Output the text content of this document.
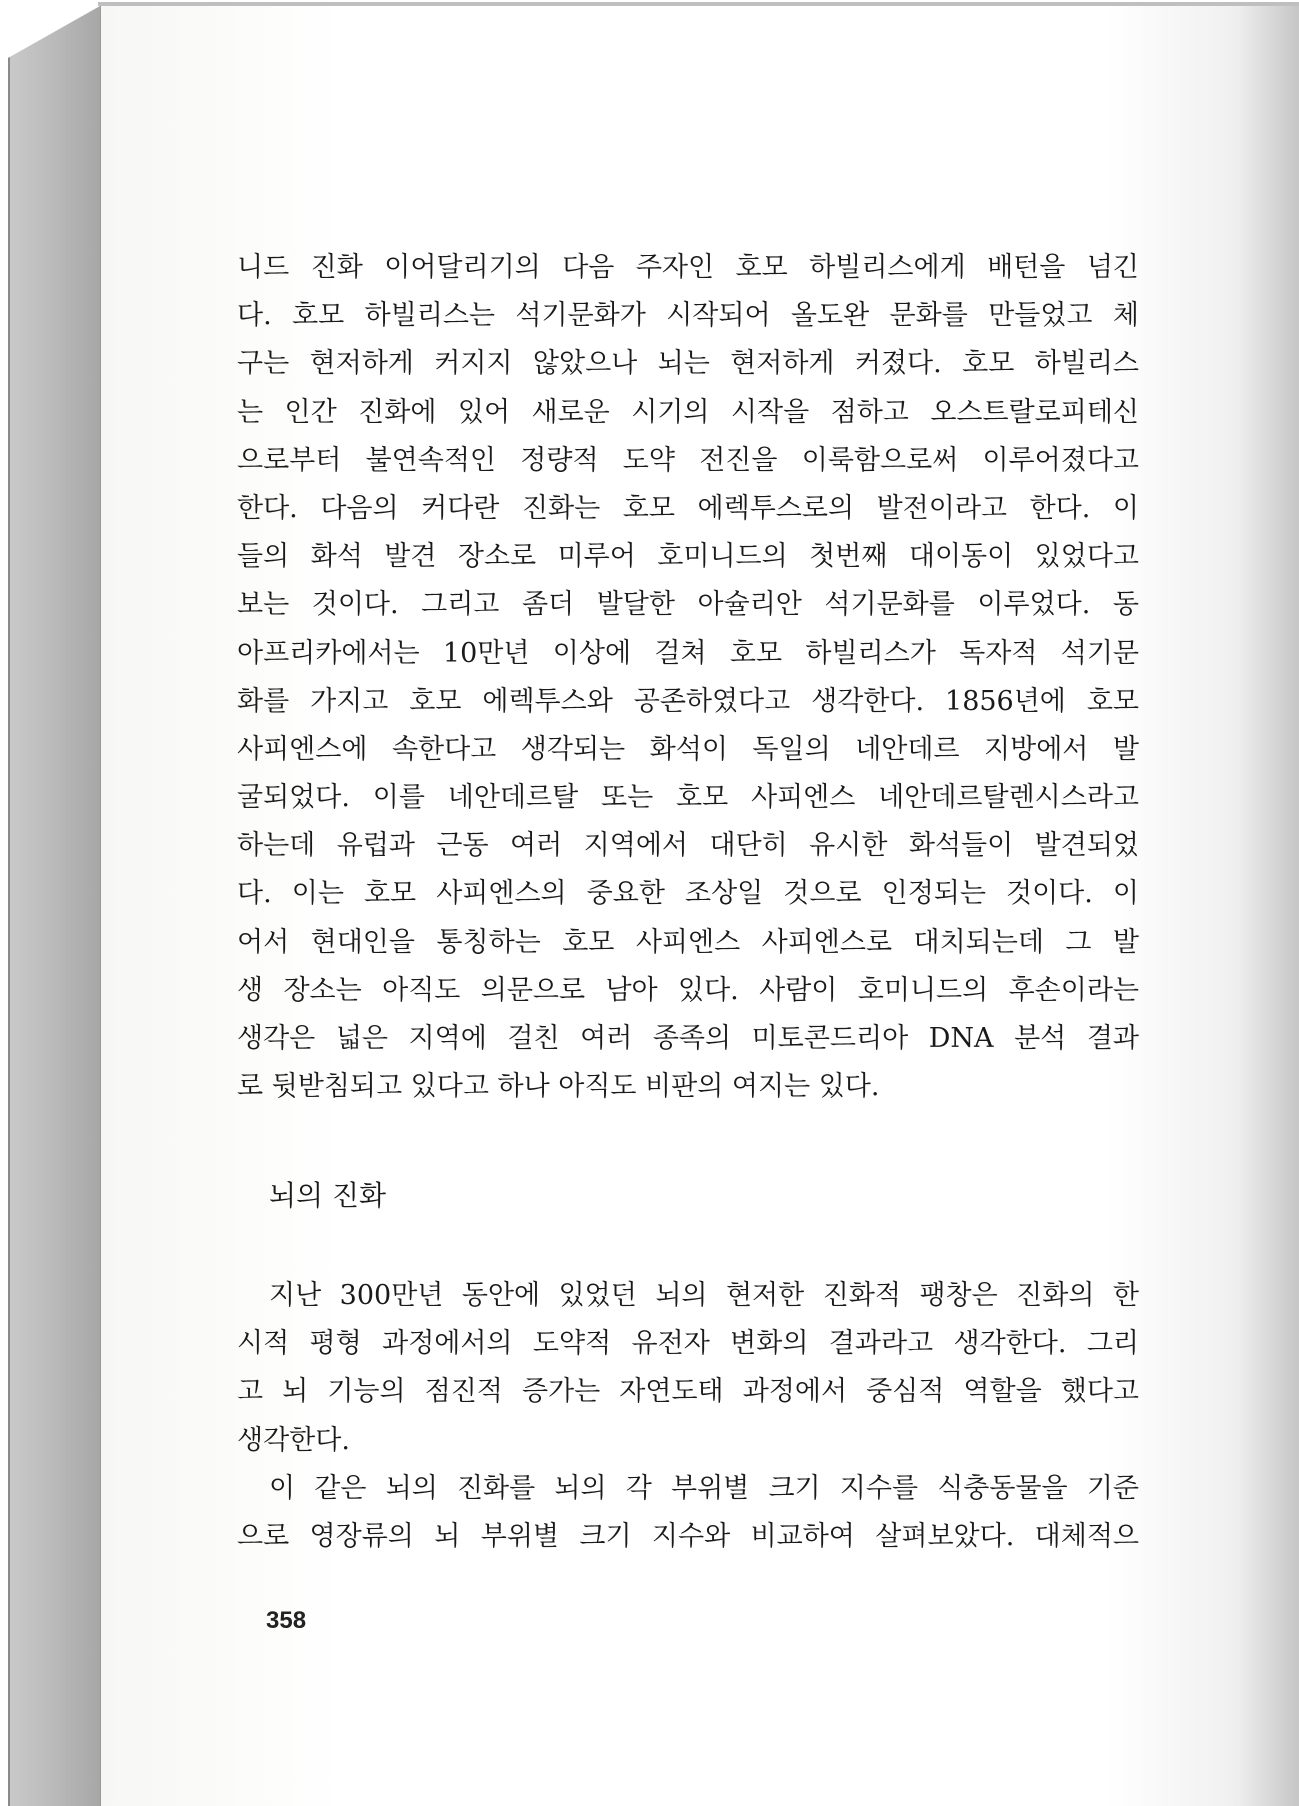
니드 진화 이어달리기의 다음 주자인 호모 하빌리스에게 배턴을 넘긴
다. 호모 하빌리스는 석기문화가 시작되어 올도완 문화를 만들었고 체
구는 현저하게 커지지 않았으나 뇌는 현저하게 커졌다. 호모 하빌리스
는 인간 진화에 있어 새로운 시기의 시작을 점하고 오스트랄로피테신
으로부터 불연속적인 정량적 도약 전진을 이룩함으로써 이루어졌다고
한다. 다음의 커다란 진화는 호모 에렉투스로의 발전이라고 한다. 이
들의 화석 발견 장소로 미루어 호미니드의 첫번째 대이동이 있었다고
보는 것이다. 그리고 좀더 발달한 아슐리안 석기문화를 이루었다. 동
아프리카에서는 10만년 이상에 걸쳐 호모 하빌리스가 독자적 석기문
화를 가지고 호모 에렉투스와 공존하였다고 생각한다. 1856년에 호모
사피엔스에 속한다고 생각되는 화석이 독일의 네안데르 지방에서 발
굴되었다. 이를 네안데르탈 또는 호모 사피엔스 네안데르탈렌시스라고
하는데 유럽과 근동 여러 지역에서 대단히 유시한 화석들이 발견되었
다. 이는 호모 사피엔스의 중요한 조상일 것으로 인정되는 것이다. 이
어서 현대인을 통칭하는 호모 사피엔스 사피엔스로 대치되는데 그 발
생 장소는 아직도 의문으로 남아 있다. 사람이 호미니드의 후손이라는
생각은 넓은 지역에 걸친 여러 종족의 미토콘드리아 DNA 분석 결과
로 뒷받침되고 있다고 하나 아직도 비판의 여지는 있다.
뇌의 진화
지난 300만년 동안에 있었던 뇌의 현저한 진화적 팽창은 진화의 한
시적 평형 과정에서의 도약적 유전자 변화의 결과라고 생각한다. 그리
고 뇌 기능의 점진적 증가는 자연도태 과정에서 중심적 역할을 했다고
생각한다.
이 같은 뇌의 진화를 뇌의 각 부위별 크기 지수를 식충동물을 기준
으로 영장류의 뇌 부위별 크기 지수와 비교하여 살펴보았다. 대체적으
358
